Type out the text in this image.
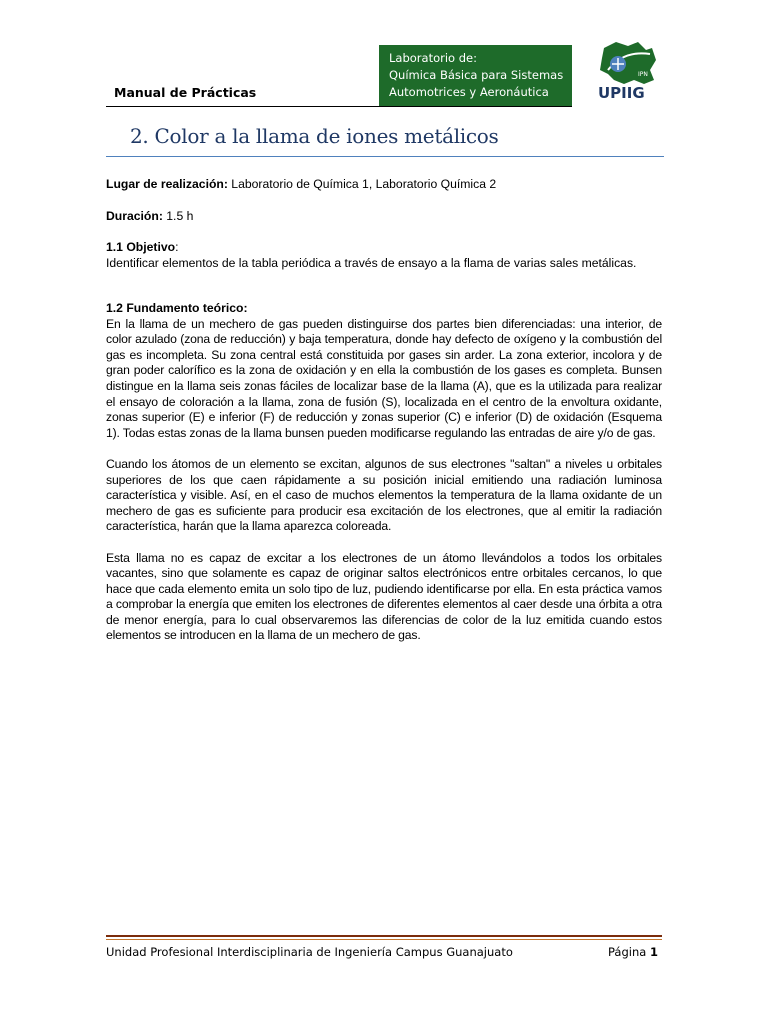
Manual de Prácticas
Laboratorio de:
Química Básica para Sistemas
Automotrices y Aeronáutica
IPN
UPIIG
2. Color a la llama de iones metálicos
Lugar de realización: Laboratorio de Química 1, Laboratorio Química 2
Duración: 1.5 h
1.1 Objetivo:
Identificar elementos de la tabla periódica a través de ensayo a la flama de varias sales metálicas.
1.2 Fundamento teórico:

En la llama de un mechero de gas pueden distinguirse dos partes bien diferenciadas: una interior, de color azulado (zona de reducción) y baja temperatura, donde hay defecto de oxígeno y la combustión del gas es incompleta. Su zona central está constituida por gases sin arder. La zona exterior, incolora y de gran poder calorífico es la zona de oxidación y en ella la combustión de los gases es completa. Bunsen distingue en la llama seis zonas fáciles de localizar base de la llama (A), que es la utilizada para realizar el ensayo de coloración a la llama, zona de fusión (S), localizada en el centro de la envoltura oxidante, zonas superior (E) e inferior (F) de reducción y zonas superior (C) e inferior (D) de oxidación (Esquema 1). Todas estas zonas de la llama bunsen pueden modificarse regulando las entradas de aire y/o de gas.

Cuando los átomos de un elemento se excitan, algunos de sus electrones "saltan" a niveles u orbitales superiores de los que caen rápidamente a su posición inicial emitiendo una radiación luminosa característica y visible. Así, en el caso de muchos elementos la temperatura de la llama oxidante de un mechero de gas es suficiente para producir esa excitación de los electrones, que al emitir la radiación característica, harán que la llama aparezca coloreada.

Esta llama no es capaz de excitar a los electrones de un átomo llevándolos a todos los orbitales vacantes, sino que solamente es capaz de originar saltos electrónicos entre orbitales cercanos, lo que hace que cada elemento emita un solo tipo de luz, pudiendo identificarse por ella. En esta práctica vamos a comprobar la energía que emiten los electrones de diferentes elementos al caer desde una órbita a otra de menor energía, para lo cual observaremos las diferencias de color de la luz emitida cuando estos elementos se introducen en la llama de un mechero de gas.

Unidad Profesional Interdisciplinaria de Ingeniería Campus Guanajuato	Página 1
